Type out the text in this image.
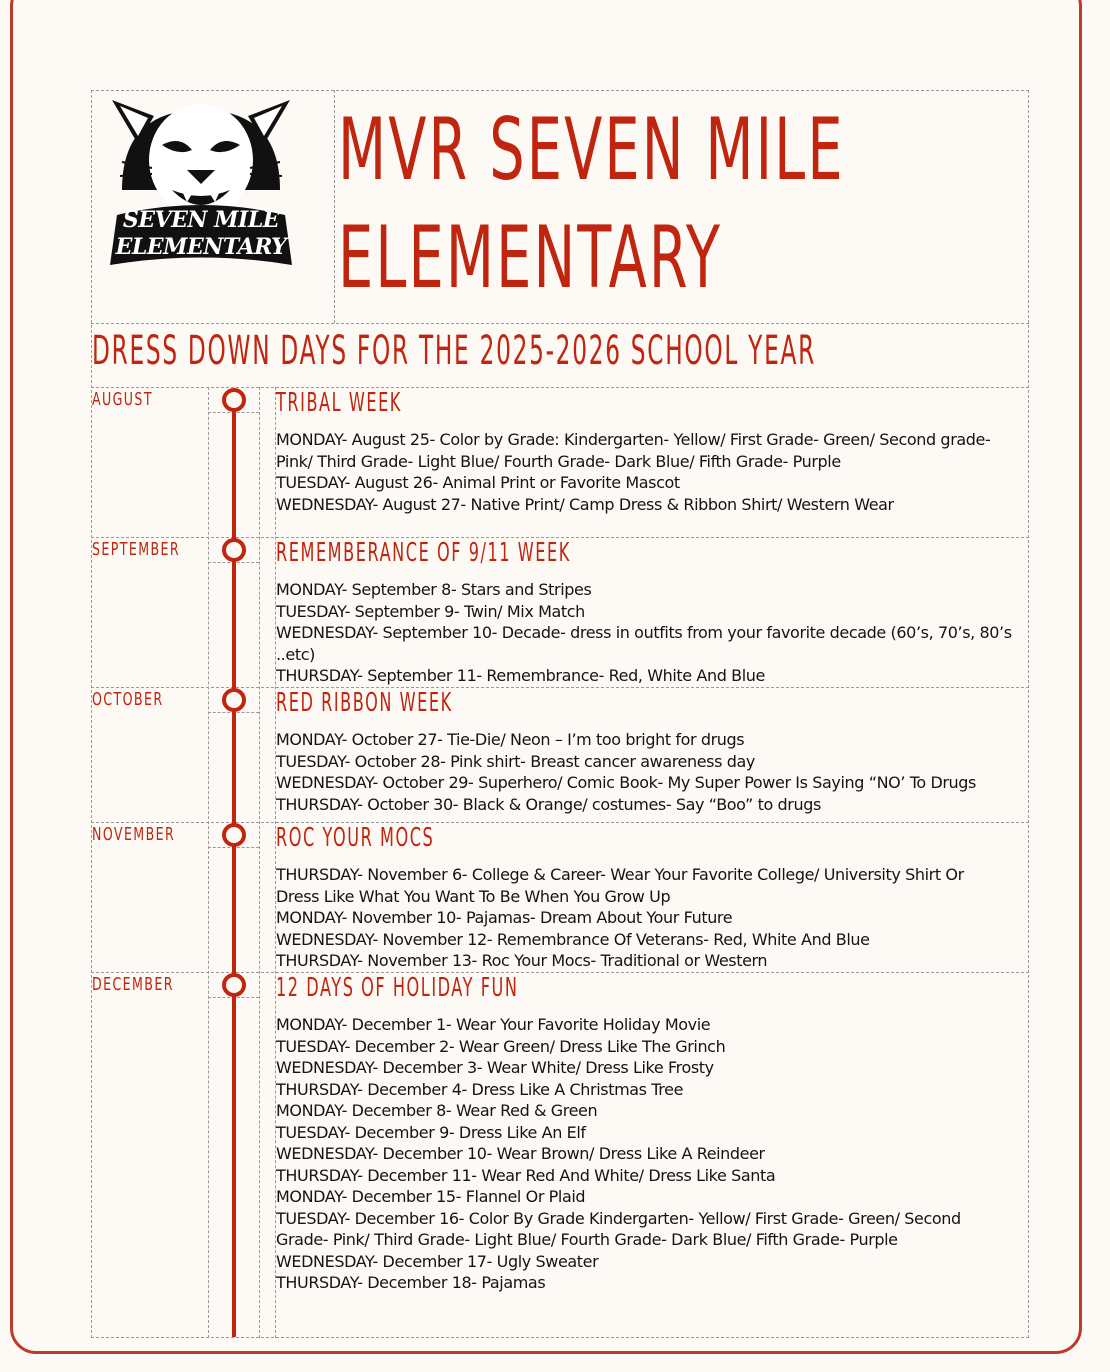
SEVEN MILE
ELEMENTARY
MVR SEVEN MILE
ELEMENTARY
DRESS DOWN DAYS FOR THE 2025-2026 SCHOOL YEAR
AUGUST	TRIBAL WEEK
MONDAY- August 25- Color by Grade: Kindergarten- Yellow/ First Grade- Green/ Second grade-
Pink/ Third Grade- Light Blue/ Fourth Grade- Dark Blue/ Fifth Grade- Purple
TUESDAY- August 26- Animal Print or Favorite Mascot
WEDNESDAY- August 27- Native Print/ Camp Dress & Ribbon Shirt/ Western Wear
SEPTEMBER	REMEMBERANCE OF 9/11 WEEK
MONDAY- September 8- Stars and Stripes
TUESDAY- September 9- Twin/ Mix Match
WEDNESDAY- September 10- Decade- dress in outfits from your favorite decade (60’s, 70’s, 80’s
..etc)
THURSDAY- September 11- Remembrance- Red, White And Blue
OCTOBER	RED RIBBON WEEK
MONDAY- October 27- Tie-Die/ Neon – I’m too bright for drugs
TUESDAY- October 28- Pink shirt- Breast cancer awareness day
WEDNESDAY- October 29- Superhero/ Comic Book- My Super Power Is Saying “NO’ To Drugs
THURSDAY- October 30- Black & Orange/ costumes- Say “Boo” to drugs
NOVEMBER	ROC YOUR MOCS
THURSDAY- November 6- College & Career- Wear Your Favorite College/ University Shirt Or
Dress Like What You Want To Be When You Grow Up
MONDAY- November 10- Pajamas- Dream About Your Future
WEDNESDAY- November 12- Remembrance Of Veterans- Red, White And Blue
THURSDAY- November 13- Roc Your Mocs- Traditional or Western
DECEMBER	12 DAYS OF HOLIDAY FUN
MONDAY- December 1- Wear Your Favorite Holiday Movie
TUESDAY- December 2- Wear Green/ Dress Like The Grinch
WEDNESDAY- December 3- Wear White/ Dress Like Frosty
THURSDAY- December 4- Dress Like A Christmas Tree
MONDAY- December 8- Wear Red & Green
TUESDAY- December 9- Dress Like An Elf
WEDNESDAY- December 10- Wear Brown/ Dress Like A Reindeer
THURSDAY- December 11- Wear Red And White/ Dress Like Santa
MONDAY- December 15- Flannel Or Plaid
TUESDAY- December 16- Color By Grade Kindergarten- Yellow/ First Grade- Green/ Second
Grade- Pink/ Third Grade- Light Blue/ Fourth Grade- Dark Blue/ Fifth Grade- Purple
WEDNESDAY- December 17- Ugly Sweater
THURSDAY- December 18- Pajamas
